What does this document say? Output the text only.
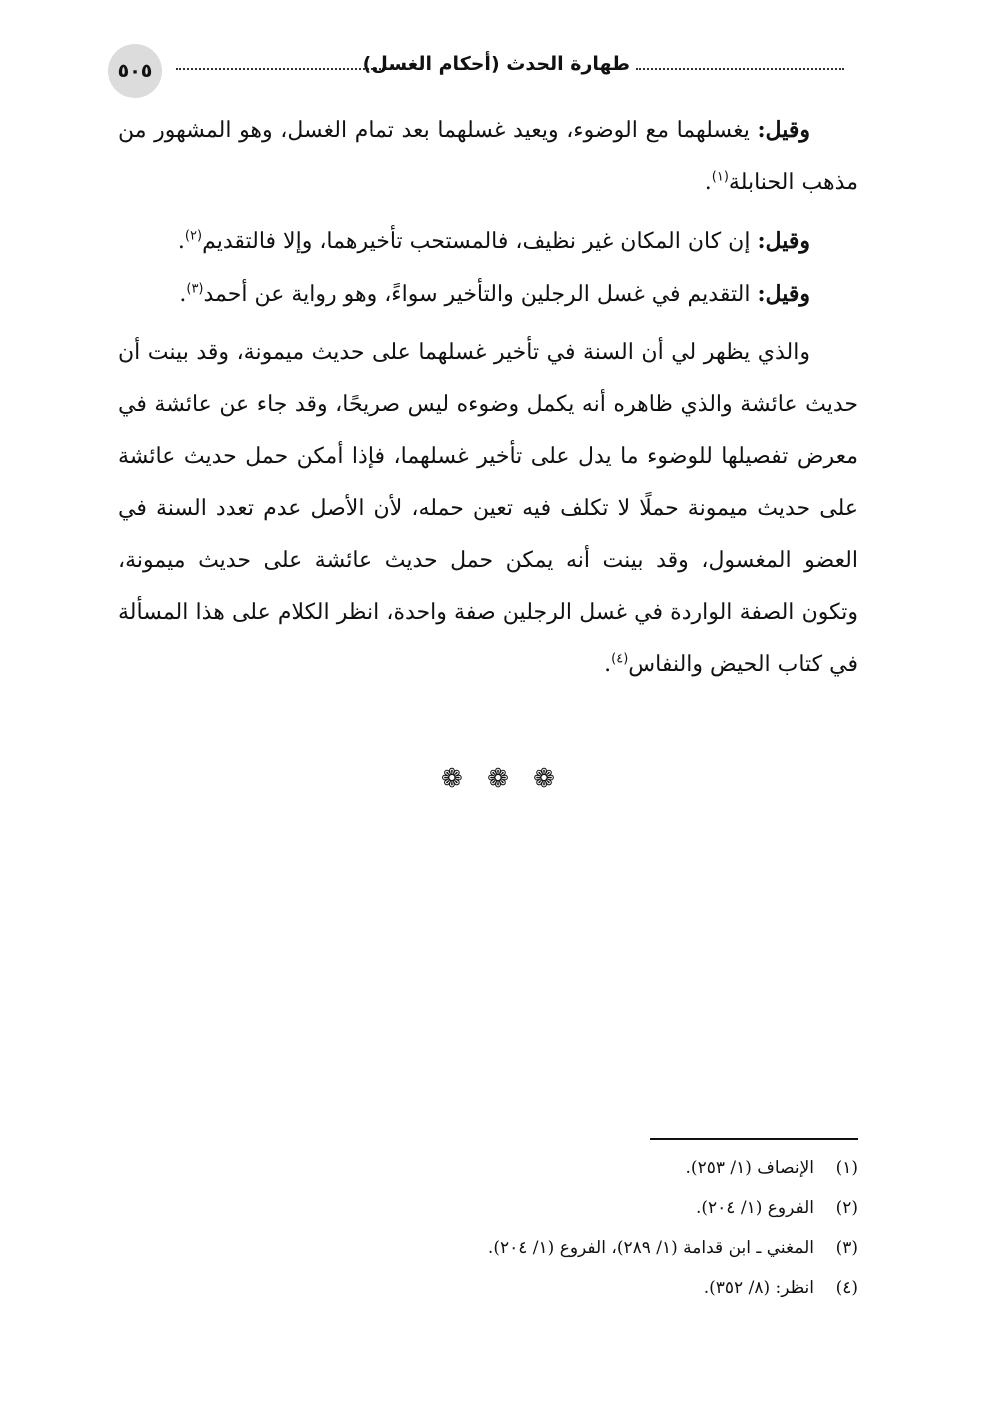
٥٠٥	طهارة الحدث (أحكام الغسل)

وقيل: يغسلهما مع الوضوء، ويعيد غسلهما بعد تمام الغسل، وهو المشهور من مذهب الحنابلة$^{(١)}$.

وقيل: إن كان المكان غير نظيف، فالمستحب تأخيرهما، وإلا فالتقديم$^{(٢)}$.

وقيل: التقديم في غسل الرجلين والتأخير سواءً، وهو رواية عن أحمد$^{(٣)}$.

والذي يظهر لي أن السنة في تأخير غسلهما على حديث ميمونة، وقد بينت أن حديث عائشة والذي ظاهره أنه يكمل وضوءه ليس صريحًا، وقد جاء عن عائشة في معرض تفصيلها للوضوء ما يدل على تأخير غسلهما، فإذا أمكن حمل حديث عائشة على حديث ميمونة حملًا لا تكلف فيه تعين حمله، لأن الأصل عدم تعدد السنة في العضو المغسول، وقد بينت أنه يمكن حمل حديث عائشة على حديث ميمونة، وتكون الصفة الواردة في غسل الرجلين صفة واحدة، انظر الكلام على هذا المسألة في كتاب الحيض والنفاس$^{(٤)}$.

❁ ❁ ❁
(١)الإنصاف (١/ ٢٥٣).
(٢)الفروع (١/ ٢٠٤).
(٣)المغني ـ ابن قدامة (١/ ٢٨٩)، الفروع (١/ ٢٠٤).
(٤)انظر: (٨/ ٣٥٢).
